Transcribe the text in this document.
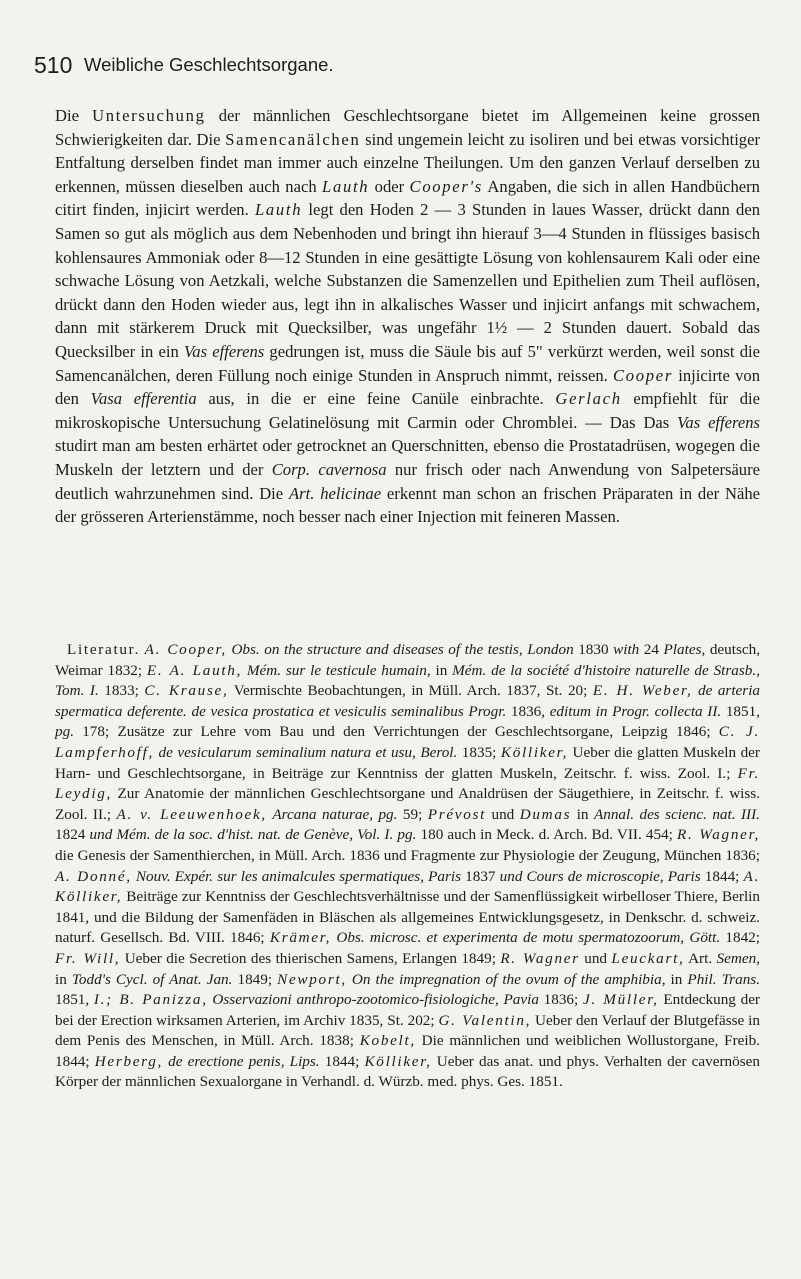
510 Weibliche Geschlechtsorgane.

Die Untersuchung der männlichen Geschlechtsorgane bietet im Allgemeinen keine grossen Schwierigkeiten dar. Die Samencanälchen sind ungemein leicht zu isoliren und bei etwas vorsichtiger Entfaltung derselben findet man immer auch einzelne Theilungen. Um den ganzen Verlauf derselben zu erkennen, müssen dieselben auch nach Lauth oder Cooper's Angaben, die sich in allen Handbüchern citirt finden, injicirt werden. Lauth legt den Hoden 2 — 3 Stunden in laues Wasser, drückt dann den Samen so gut als möglich aus dem Nebenhoden und bringt ihn hierauf 3—4 Stunden in flüssiges basisch kohlensaures Ammoniak oder 8—12 Stunden in eine gesättigte Lösung von kohlensaurem Kali oder eine schwache Lösung von Aetzkali, welche Substanzen die Samenzellen und Epithelien zum Theil auflösen, drückt dann den Hoden wieder aus, legt ihn in alkalisches Wasser und injicirt anfangs mit schwachem, dann mit stärkerem Druck mit Quecksilber, was ungefähr 1½ — 2 Stunden dauert. Sobald das Quecksilber in ein Vas efferens gedrungen ist, muss die Säule bis auf 5" verkürzt werden, weil sonst die Samencanälchen, deren Füllung noch einige Stunden in Anspruch nimmt, reissen. Cooper injicirte von den Vasa efferentia aus, in die er eine feine Canüle einbrachte. Gerlach empfiehlt für die mikroskopische Untersuchung Gelatinelösung mit Carmin oder Chromblei. — Das Das Vas efferens studirt man am besten erhärtet oder getrocknet an Querschnitten, ebenso die Prostatadrüsen, wogegen die Muskeln der letztern und der Corp. cavernosa nur frisch oder nach Anwendung von Salpetersäure deutlich wahrzunehmen sind. Die Art. helicinae erkennt man schon an frischen Präparaten in der Nähe der grösseren Arterienstämme, noch besser nach einer Injection mit feineren Massen.

Literatur. A. Cooper, Obs. on the structure and diseases of the testis, London 1830 with 24 Plates, deutsch, Weimar 1832; E. A. Lauth, Mém. sur le testicule humain, in Mém. de la société d'histoire naturelle de Strasb., Tom. I. 1833; C. Krause, Vermischte Beobachtungen, in Müll. Arch. 1837, St. 20; E. H. Weber, de arteria spermatica deferente. de vesica prostatica et vesiculis seminalibus Progr. 1836, editum in Progr. collecta II. 1851, pg. 178; Zusätze zur Lehre vom Bau und den Verrichtungen der Geschlechtsorgane, Leipzig 1846; C. J. Lampferhoff, de vesicularum seminalium natura et usu, Berol. 1835; Kölliker, Ueber die glatten Muskeln der Harn- und Geschlechtsorgane, in Beiträge zur Kenntniss der glatten Muskeln, Zeitschr. f. wiss. Zool. I.; Fr. Leydig, Zur Anatomie der männlichen Geschlechtsorgane und Analdrüsen der Säugethiere, in Zeitschr. f. wiss. Zool. II.; A. v. Leeuwenhoek, Arcana naturae, pg. 59; Prévost und Dumas in Annal. des scienc. nat. III. 1824 und Mém. de la soc. d'hist. nat. de Genève, Vol. I. pg. 180 auch in Meck. d. Arch. Bd. VII. 454; R. Wagner, die Genesis der Samenthierchen, in Müll. Arch. 1836 und Fragmente zur Physiologie der Zeugung, München 1836; A. Donné, Nouv. Expér. sur les animalcules spermatiques, Paris 1837 und Cours de microscopie, Paris 1844; A. Kölliker, Beiträge zur Kenntniss der Geschlechtsverhältnisse und der Samenflüssigkeit wirbelloser Thiere, Berlin 1841, und die Bildung der Samenfäden in Bläschen als allgemeines Entwicklungsgesetz, in Denkschr. d. schweiz. naturf. Gesellsch. Bd. VIII. 1846; Krämer, Obs. microsc. et experimenta de motu spermatozoorum, Gött. 1842; Fr. Will, Ueber die Secretion des thierischen Samens, Erlangen 1849; R. Wagner und Leuckart, Art. Semen, in Todd's Cycl. of Anat. Jan. 1849; Newport, On the impregnation of the ovum of the amphibia, in Phil. Trans. 1851, I.; B. Panizza, Osservazioni anthropo-zootomico-fisiologiche, Pavia 1836; J. Müller, Entdeckung der bei der Erection wirksamen Arterien, im Archiv 1835, St. 202; G. Valentin, Ueber den Verlauf der Blutgefässe in dem Penis des Menschen, in Müll. Arch. 1838; Kobelt, Die männlichen und weiblichen Wollustorgane, Freib. 1844; Herberg, de erectione penis, Lips. 1844; Kölliker, Ueber das anat. und phys. Verhalten der cavernösen Körper der männlichen Sexualorgane in Verhandl. d. Würzb. med. phys. Ges. 1851.
